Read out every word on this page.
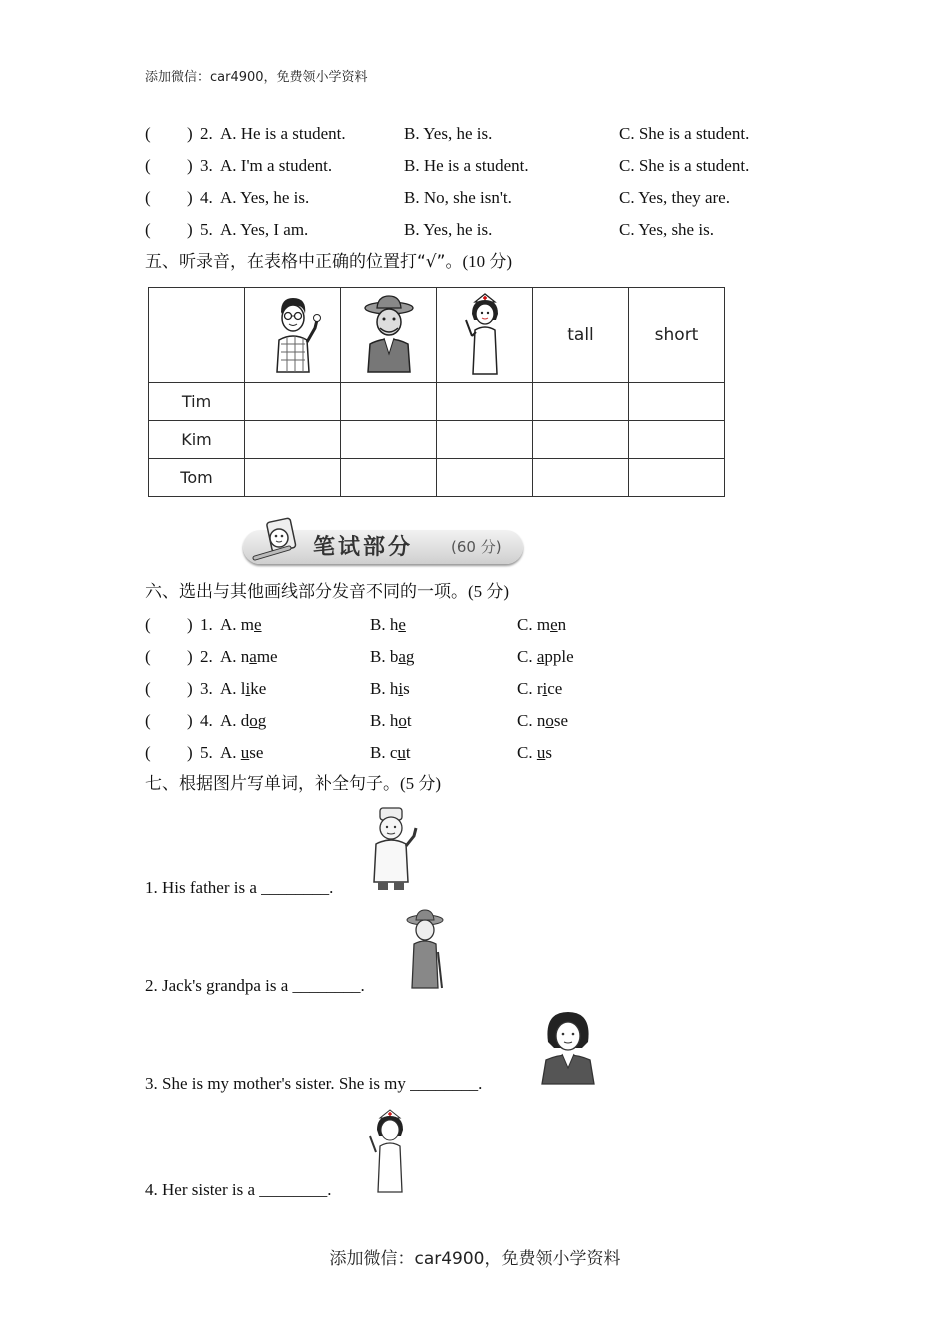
添加微信：car4900，免费领小学资料
( ) 2. A. He is a student.	B. Yes, he is.	C. She is a student.
( ) 3. A. I'm a student.	B. He is a student.	C. She is a student.
( ) 4. A. Yes, he is.	B. No, she isn't.	C. Yes, they are.
( ) 5. A. Yes, I am.	B. Yes, he is.	C. Yes, she is.
五、听录音，在表格中正确的位置打“√”。(10 分)
				tall	short
Tim					
Kim					
Tom					
笔试部分	(60 分)
六、选出与其他画线部分发音不同的一项。(5 分)
( ) 1. A. me	B. he	C. men
( ) 2. A. name	B. bag	C. apple
( ) 3. A. like	B. his	C. rice
( ) 4. A. dog	B. hot	C. nose
( ) 5. A. use	B. cut	C. us
七、根据图片写单词，补全句子。(5 分)
1. His father is a ________.
2. Jack's grandpa is a ________.
3. She is my mother's sister. She is my ________.
4. Her sister is a ________.
添加微信：car4900，免费领小学资料
